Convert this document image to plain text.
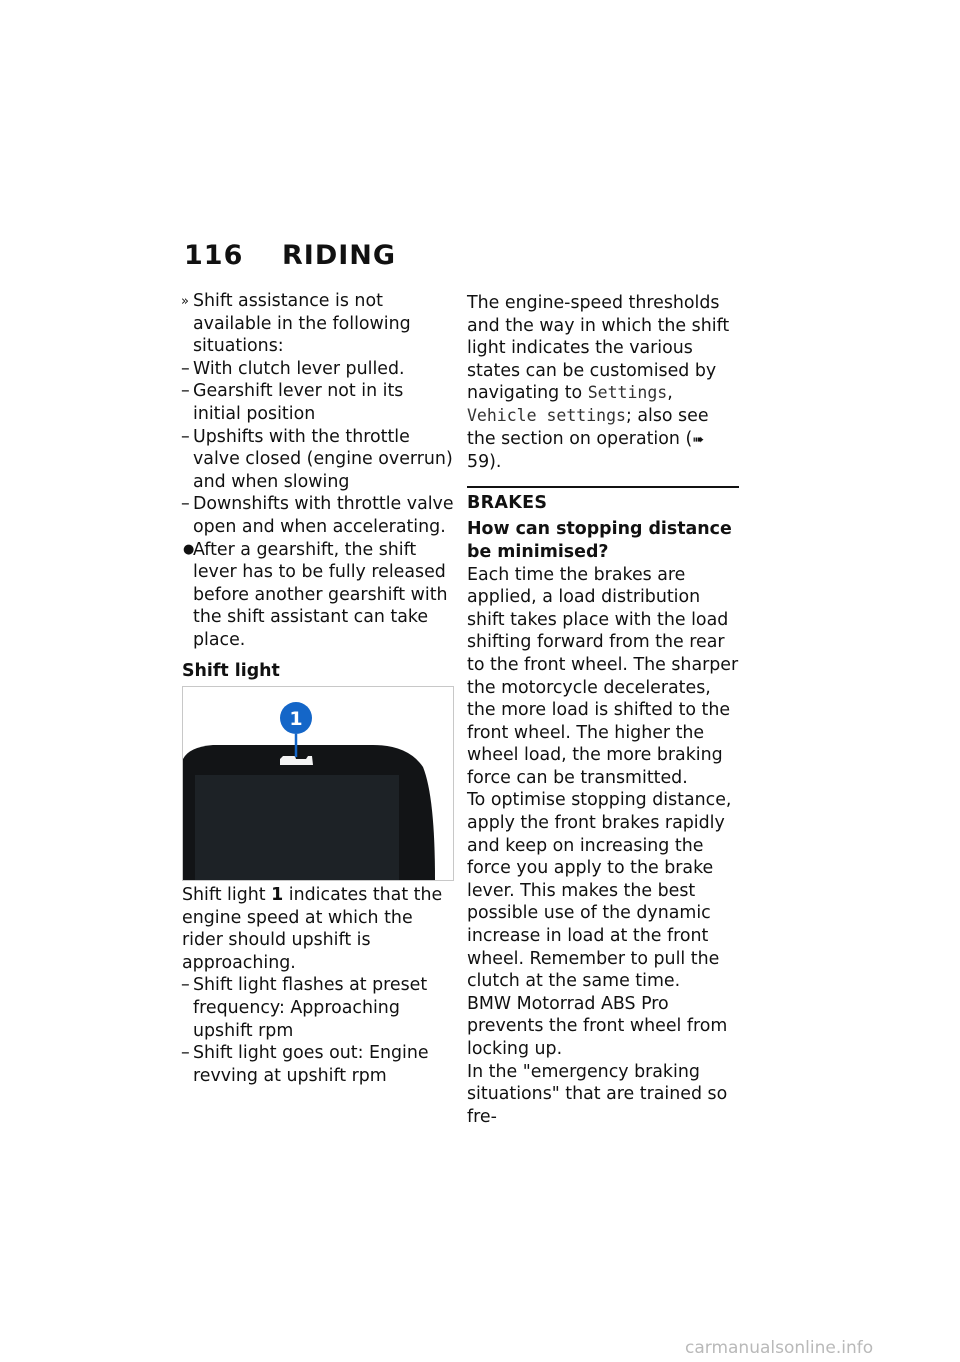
116 RIDING
» Shift assistance is not available in the following situations:
– With clutch lever pulled.
– Gearshift lever not in its initial position
– Upshifts with the throttle valve closed (engine overrun) and when slowing
– Downshifts with throttle valve open and when accelerating.
●
After a gearshift, the shift lever has to be fully released before another gearshift with the shift assistant can take place.
Shift light
1
Shift light 1 indicates that the engine speed at which the rider should upshift is approaching.
– Shift light flashes at preset frequency: Approaching upshift rpm
– Shift light goes out: Engine revving at upshift rpm
The engine-speed thresholds and the way in which the shift light indicates the various states can be customised by navigating to Settings, Vehicle settings; also see the section on operation (➠ 59).
BRAKES
How can stopping distance be minimised?
Each time the brakes are applied, a load distribution shift takes place with the load shifting forward from the rear to the front wheel. The sharper the motorcycle decelerates, the more load is shifted to the front wheel. The higher the wheel load, the more braking force can be transmitted.
To optimise stopping distance, apply the front brakes rapidly and keep on increasing the force you apply to the brake lever. This makes the best possible use of the dynamic increase in load at the front wheel. Remember to pull the clutch at the same time.
BMW Motorrad ABS Pro prevents the front wheel from locking up.
In the "emergency braking situations" that are trained so fre-
carmanualsonline.info
